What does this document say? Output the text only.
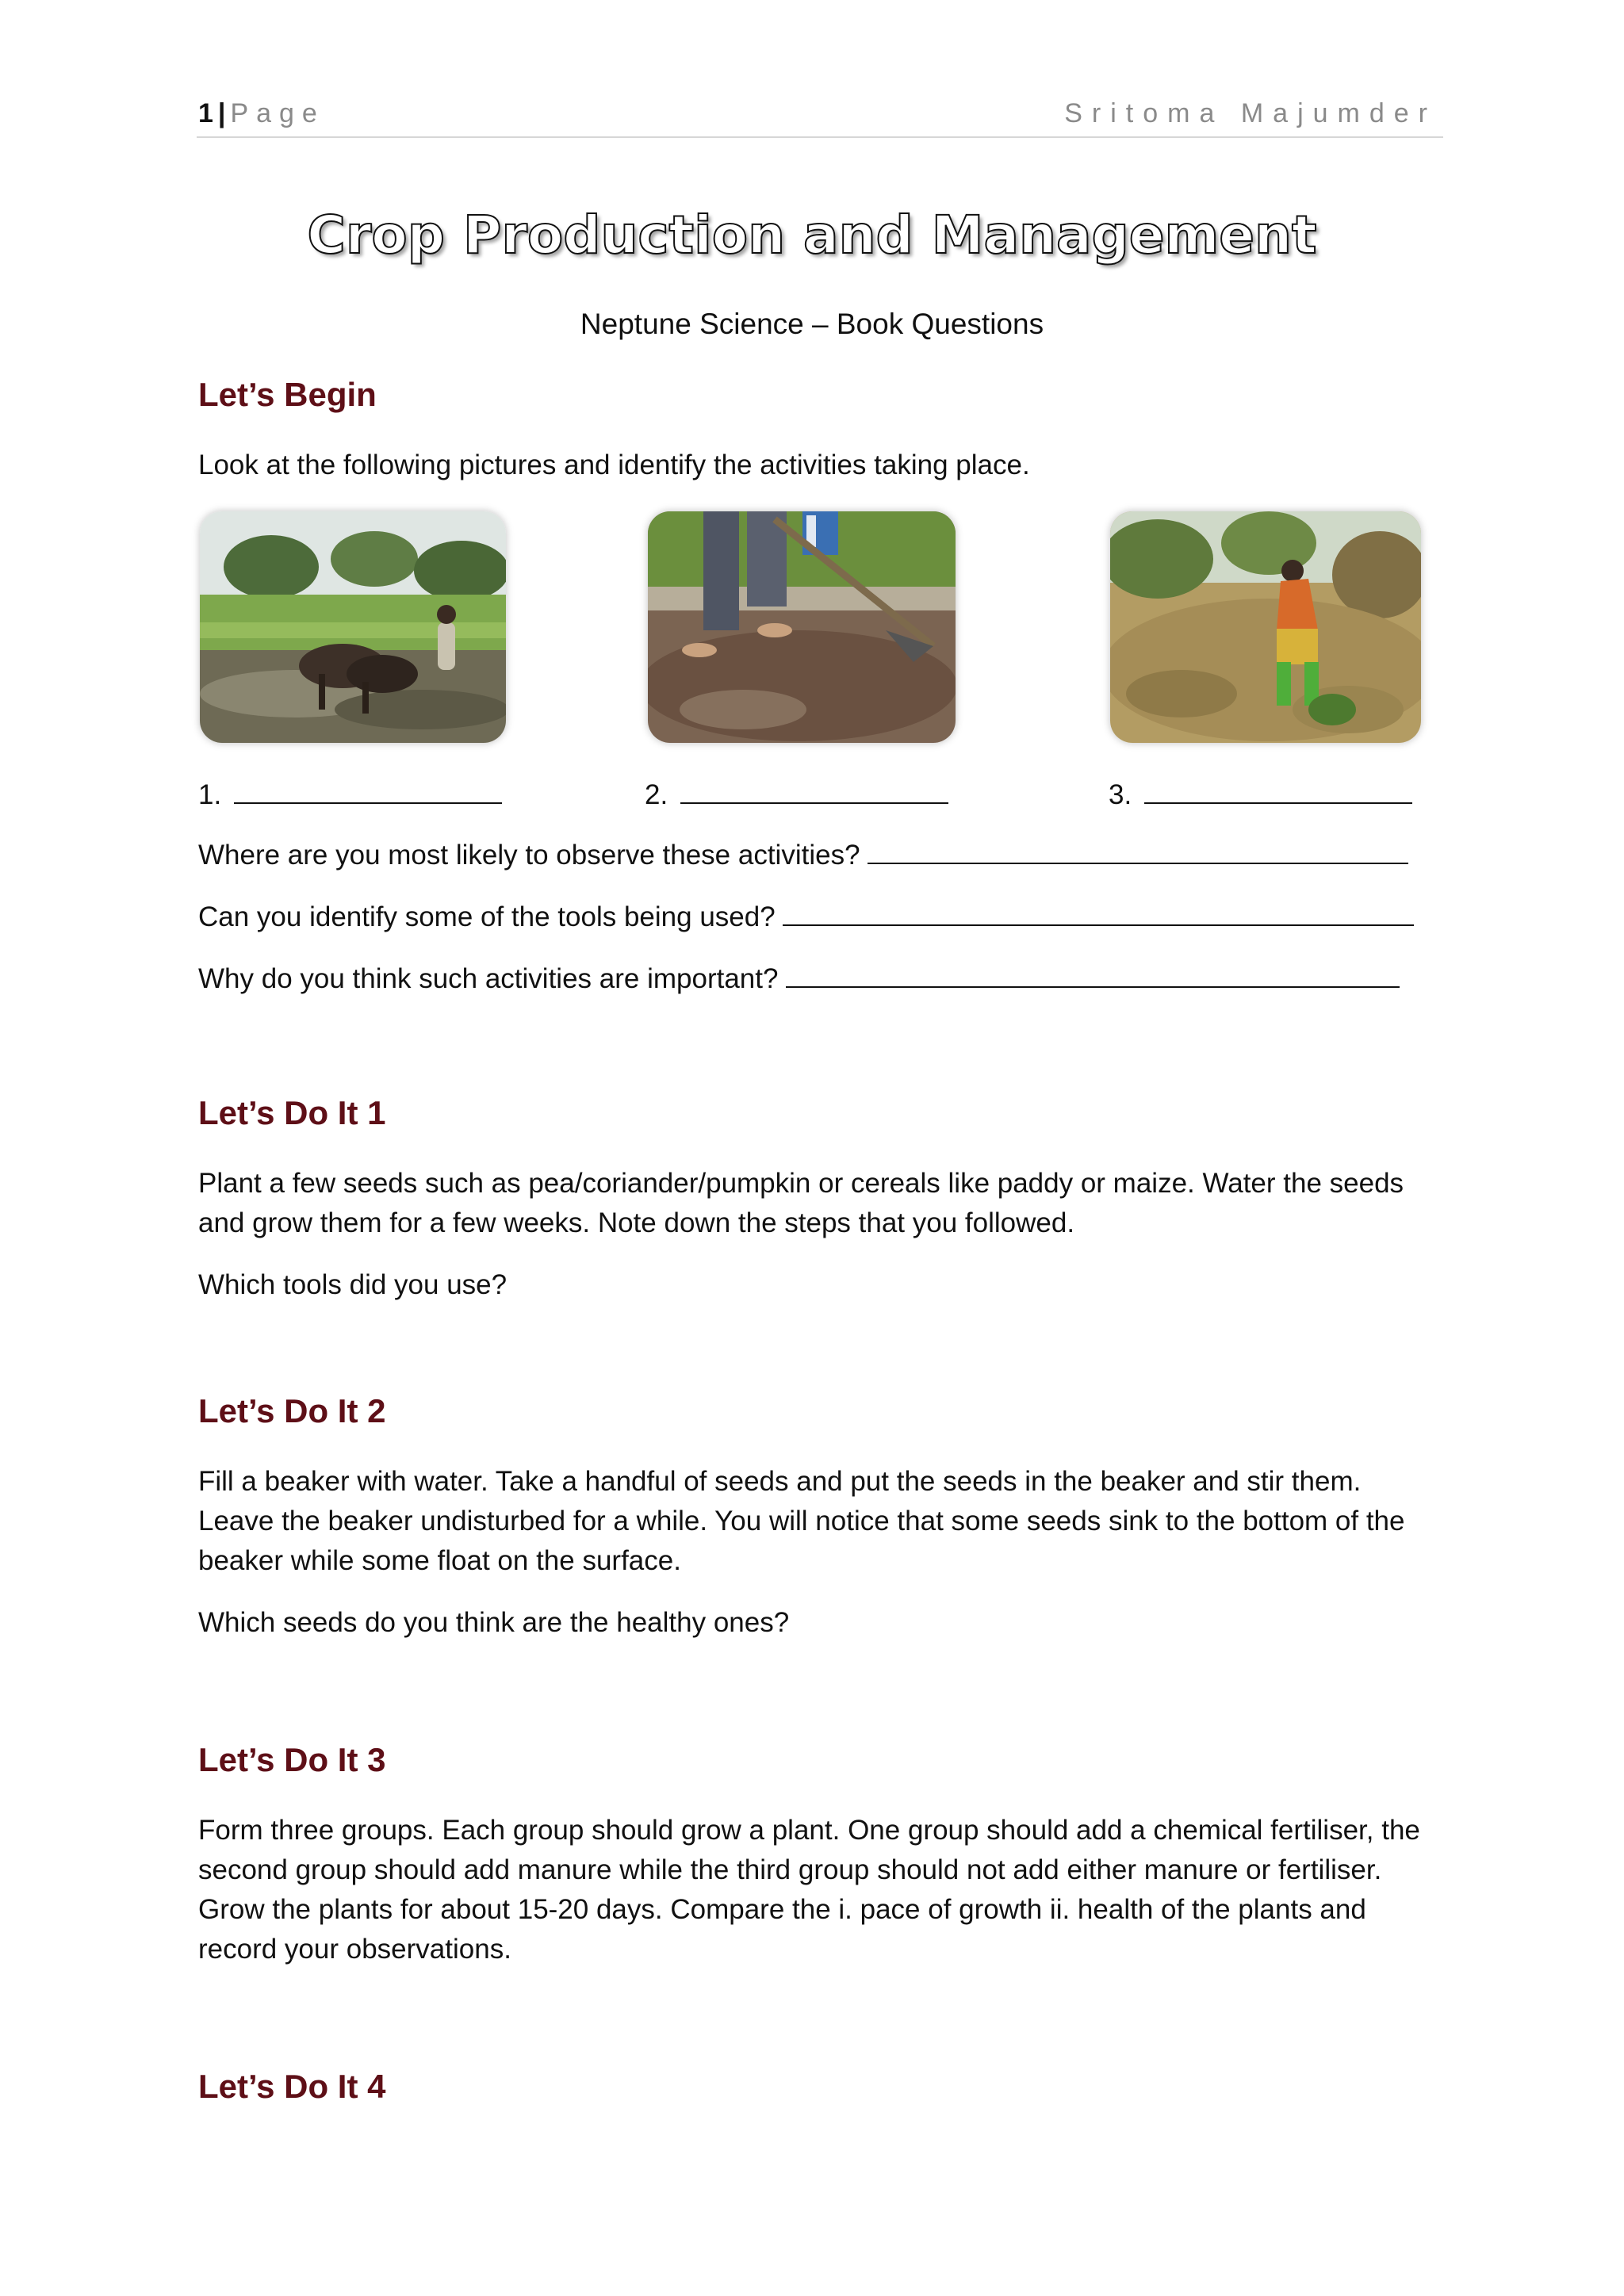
1 | Page	Sritoma Majumder
Crop Production and Management
Neptune Science – Book Questions
Let’s Begin
Look at the following pictures and identify the activities taking place.
1.	2.	3.
Where are you most likely to observe these activities?
Can you identify some of the tools being used?
Why do you think such activities are important?
Let’s Do It 1
Plant a few seeds such as pea/coriander/pumpkin or cereals like paddy or maize. Water the seeds and grow them for a few weeks. Note down the steps that you followed.
Which tools did you use?
Let’s Do It 2
Fill a beaker with water. Take a handful of seeds and put the seeds in the beaker and stir them. Leave the beaker undisturbed for a while. You will notice that some seeds sink to the bottom of the beaker while some float on the surface.
Which seeds do you think are the healthy ones?
Let’s Do It 3
Form three groups. Each group should grow a plant. One group should add a chemical fertiliser, the second group should add manure while the third group should not add either manure or fertiliser. Grow the plants for about 15-20 days. Compare the i. pace of growth ii. health of the plants and record your observations.
Let’s Do It 4
